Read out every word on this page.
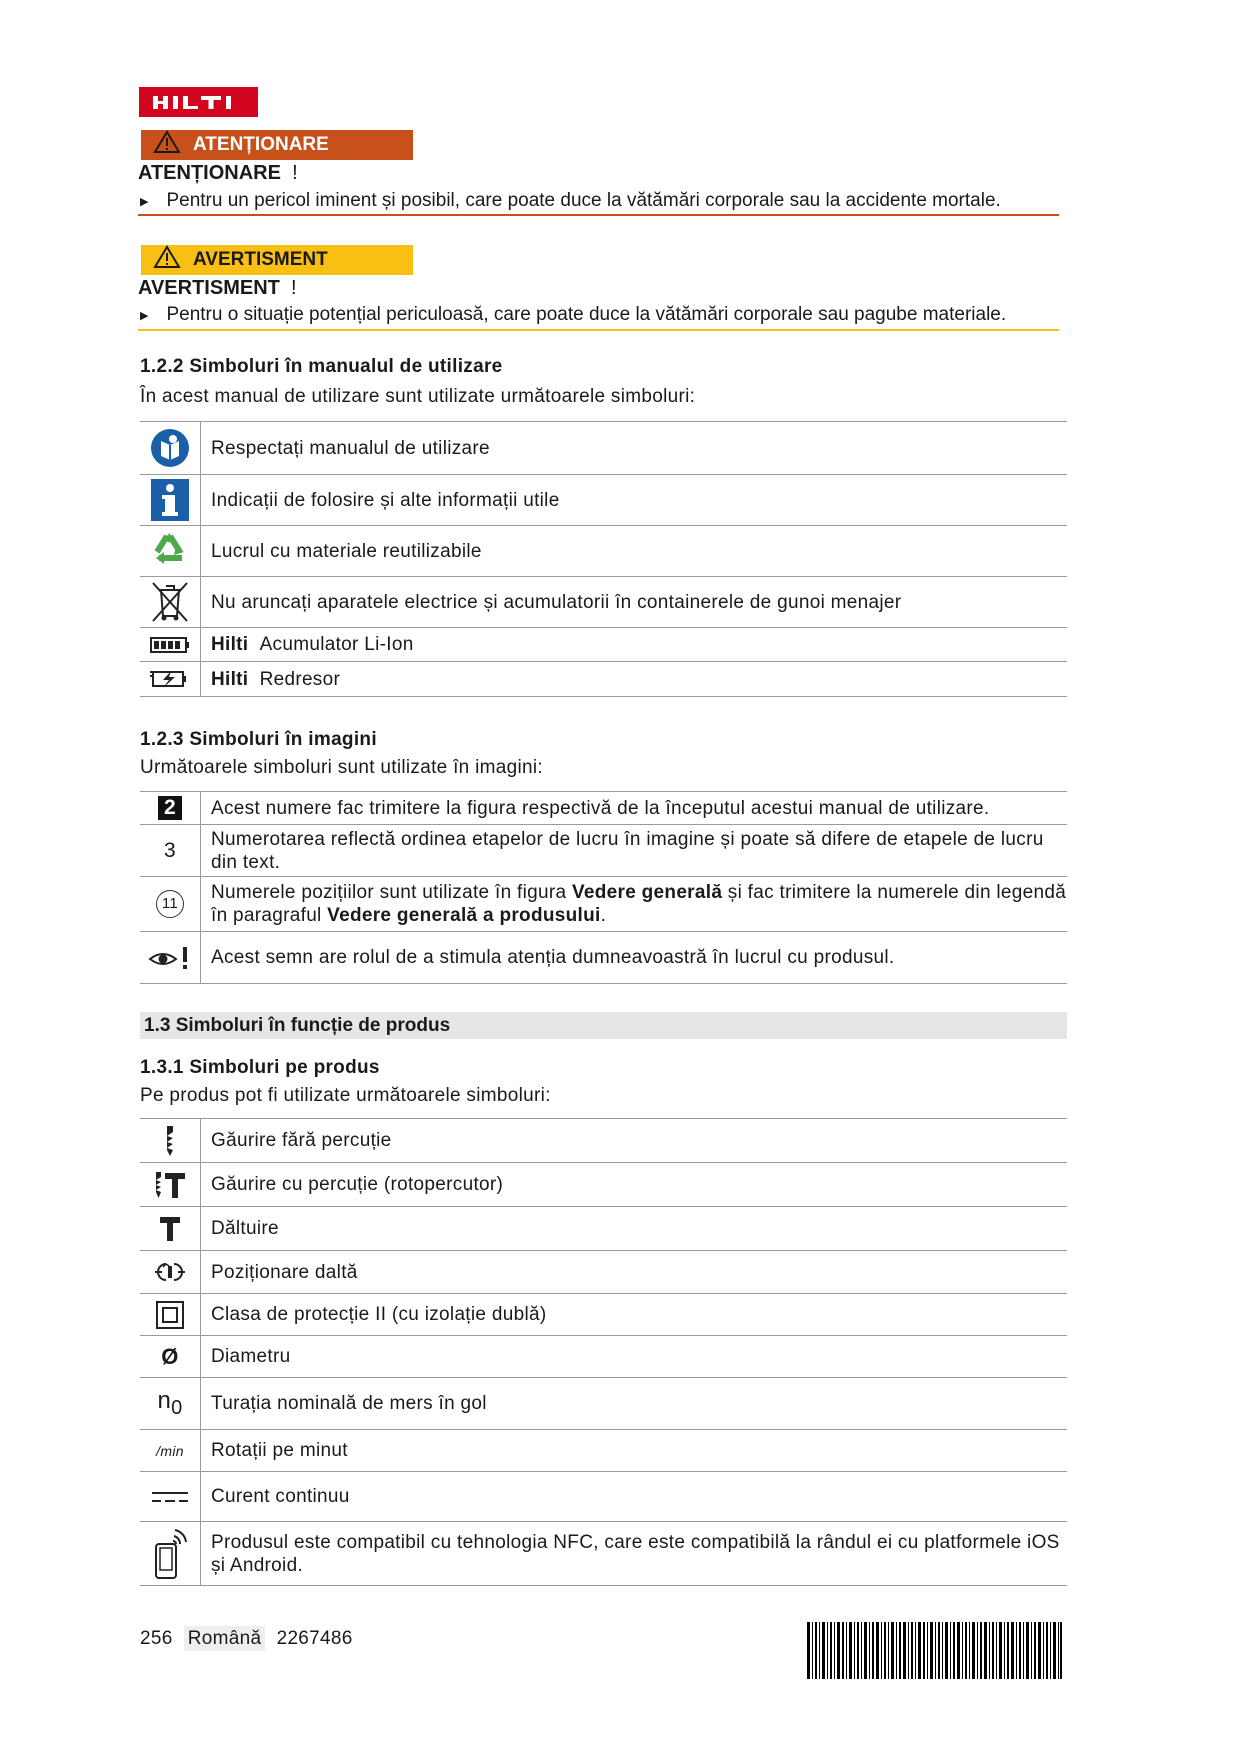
ATENȚIONARE
ATENȚIONARE !
▶ Pentru un pericol iminent și posibil, care poate duce la vătămări corporale sau la accidente mortale.
AVERTISMENT
AVERTISMENT !
▶ Pentru o situație potențial periculoasă, care poate duce la vătămări corporale sau pagube materiale.
1.2.2 Simboluri în manualul de utilizare
În acest manual de utilizare sunt utilizate următoarele simboluri:
	Respectați manualul de utilizare

	Indicații de folosire și alte informații utile

	Lucrul cu materiale reutilizabile

	Nu aruncați aparatele electrice și acumulatorii în containerele de gunoi menajer

	Hilti Acumulator Li-Ion

	Hilti Redresor
1.2.3 Simboluri în imagini
Următoarele simboluri sunt utilizate în imagini:
2	Acest numere fac trimitere la figura respectivă de la începutul acestui manual de utilizare.
3	Numerotarea reflectă ordinea etapelor de lucru în imagine și poate să difere de etapele de lucru din text.

11	Numerele pozițiilor sunt utilizate în figura Vedere generală și fac trimitere la numerele din legendă în paragraful Vedere generală a produsului.

	Acest semn are rolul de a stimula atenția dumneavoastră în lucrul cu produsul.
1.3 Simboluri în funcție de produs
1.3.1 Simboluri pe produs
Pe produs pot fi utilizate următoarele simboluri:
	Găurire fără percuție

	Găurire cu percuție (rotopercutor)

	Dăltuire

	Poziționare daltă

	Clasa de protecție II (cu izolație dublă)
Ø	Diametru
n0	Turația nominală de mers în gol
/min	Rotații pe minut

	Curent continuu

	Produsul este compatibil cu tehnologia NFC, care este compatibilă la rândul ei cu platformele iOS și Android.
256 Română 2267486
